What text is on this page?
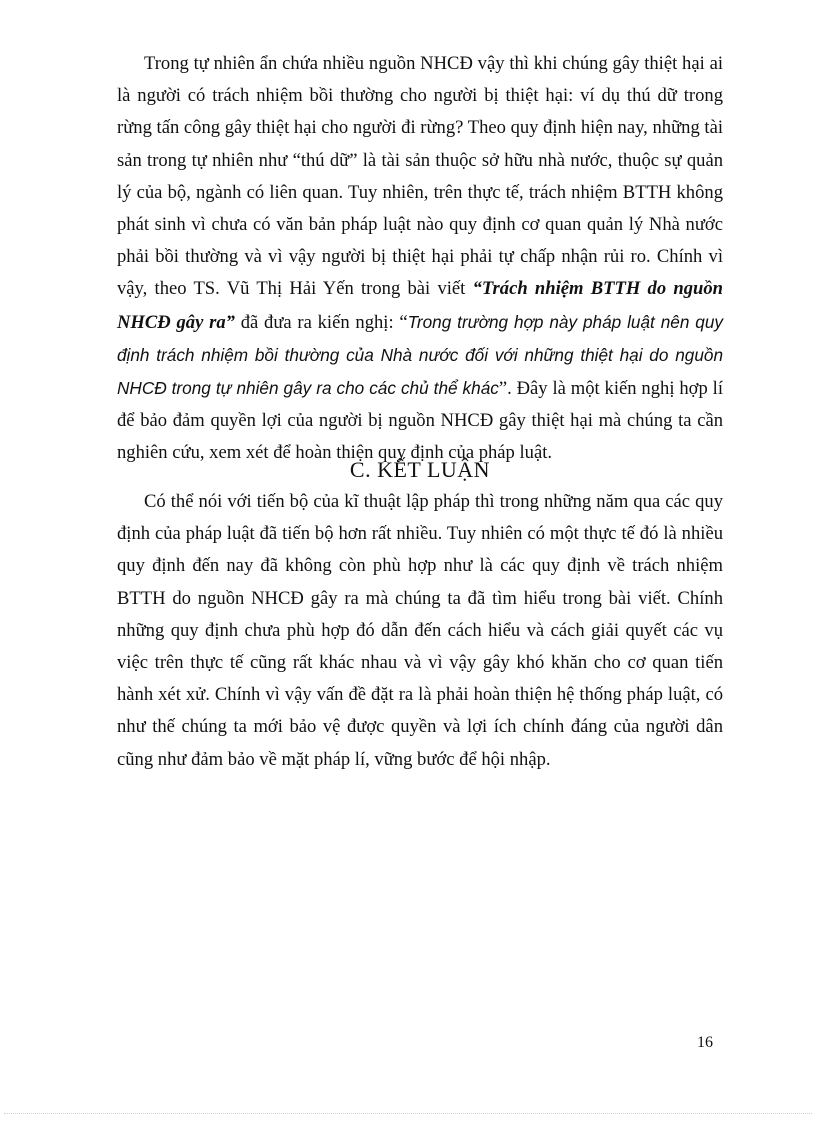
Trong tự nhiên ẩn chứa nhiều nguồn NHCĐ vậy thì khi chúng gây thiệt hại ai là người có trách nhiệm bồi thường cho người bị thiệt hại: ví dụ thú dữ trong rừng tấn công gây thiệt hại cho người đi rừng? Theo quy định hiện nay, những tài sản trong tự nhiên như “thú dữ” là tài sản thuộc sở hữu nhà nước, thuộc sự quản lý của bộ, ngành có liên quan. Tuy nhiên, trên thực tế, trách nhiệm BTTH không phát sinh vì chưa có văn bản pháp luật nào quy định cơ quan quản lý Nhà nước phải bồi thường và vì vậy người bị thiệt hại phải tự chấp nhận rủi ro. Chính vì vậy, theo TS. Vũ Thị Hải Yến trong bài viết “Trách nhiệm BTTH do nguồn NHCĐ gây ra” đã đưa ra kiến nghị: “Trong trường hợp này pháp luật nên quy định trách nhiệm bồi thường của Nhà nước đối với những thiệt hại do nguồn NHCĐ trong tự nhiên gây ra cho các chủ thể khác”. Đây là một kiến nghị hợp lí để bảo đảm quyền lợi của người bị nguồn NHCĐ gây thiệt hại mà chúng ta cần nghiên cứu, xem xét để hoàn thiện quy định của pháp luật.

C. KẾT LUẬN

Có thể nói với tiến bộ của kĩ thuật lập pháp thì trong những năm qua các quy định của pháp luật đã tiến bộ hơn rất nhiều. Tuy nhiên có một thực tế đó là nhiều quy định đến nay đã không còn phù hợp như là các quy định về trách nhiệm BTTH do nguồn NHCĐ gây ra mà chúng ta đã tìm hiểu trong bài viết. Chính những quy định chưa phù hợp đó dẫn đến cách hiểu và cách giải quyết các vụ việc trên thực tế cũng rất khác nhau và vì vậy gây khó khăn cho cơ quan tiến hành xét xử. Chính vì vậy vấn đề đặt ra là phải hoàn thiện hệ thống pháp luật, có như thế chúng ta mới bảo vệ được quyền và lợi ích chính đáng của người dân cũng như đảm bảo về mặt pháp lí, vững bước để hội nhập.

16
